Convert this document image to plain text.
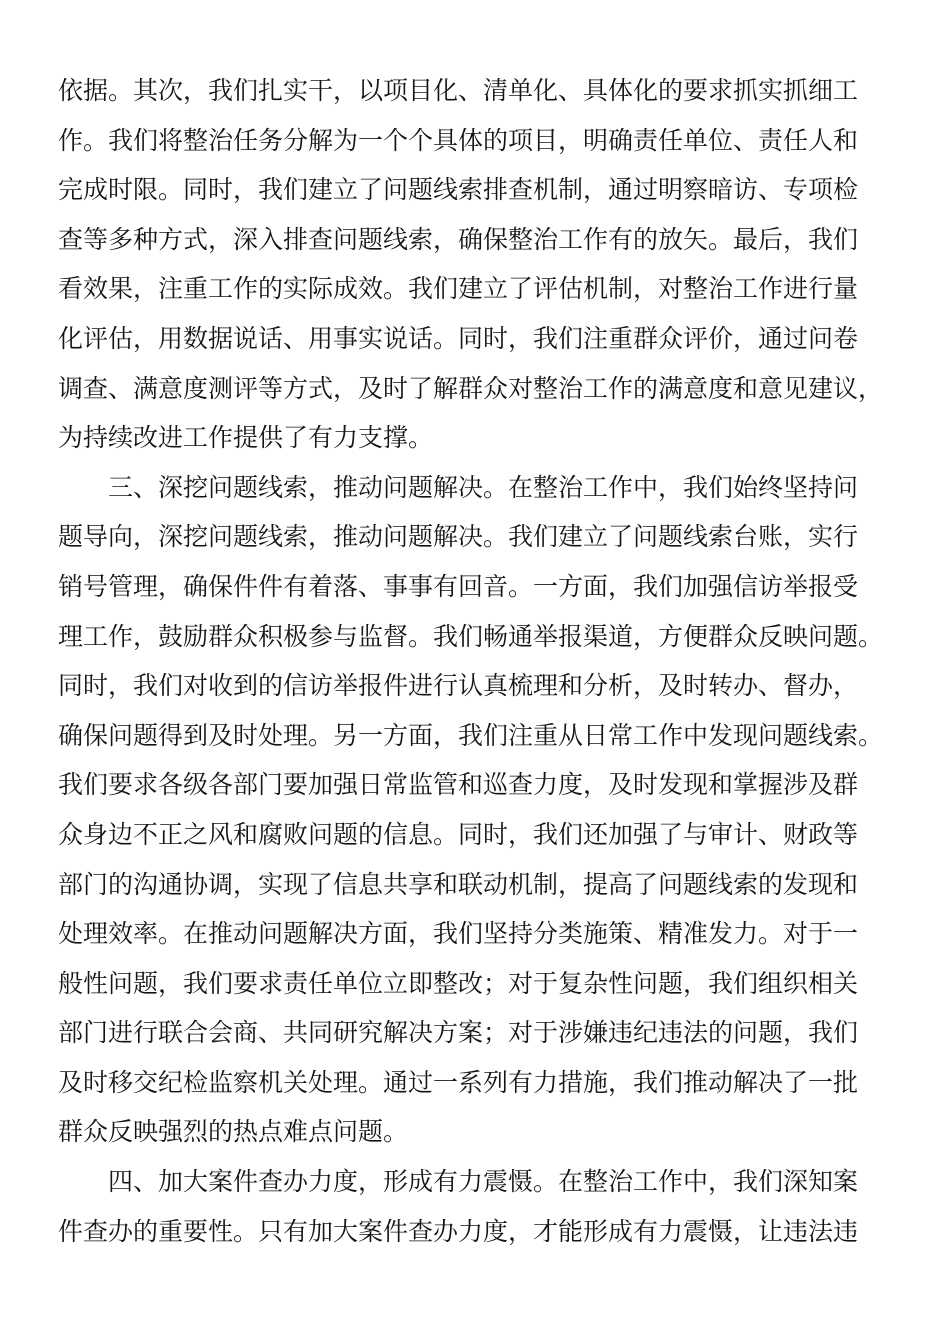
依据。其次，我们扎实干，以项目化、清单化、具体化的要求抓实抓细工
作。我们将整治任务分解为一个个具体的项目，明确责任单位、责任人和
完成时限。同时，我们建立了问题线索排查机制，通过明察暗访、专项检
查等多种方式，深入排查问题线索，确保整治工作有的放矢。最后，我们
看效果，注重工作的实际成效。我们建立了评估机制，对整治工作进行量
化评估，用数据说话、用事实说话。同时，我们注重群众评价，通过问卷
调查、满意度测评等方式，及时了解群众对整治工作的满意度和意见建议，
为持续改进工作提供了有力支撑。
三、深挖问题线索，推动问题解决。在整治工作中，我们始终坚持问
题导向，深挖问题线索，推动问题解决。我们建立了问题线索台账，实行
销号管理，确保件件有着落、事事有回音。一方面，我们加强信访举报受
理工作，鼓励群众积极参与监督。我们畅通举报渠道，方便群众反映问题。
同时，我们对收到的信访举报件进行认真梳理和分析，及时转办、督办，
确保问题得到及时处理。另一方面，我们注重从日常工作中发现问题线索。
我们要求各级各部门要加强日常监管和巡查力度，及时发现和掌握涉及群
众身边不正之风和腐败问题的信息。同时，我们还加强了与审计、财政等
部门的沟通协调，实现了信息共享和联动机制，提高了问题线索的发现和
处理效率。在推动问题解决方面，我们坚持分类施策、精准发力。对于一
般性问题，我们要求责任单位立即整改；对于复杂性问题，我们组织相关
部门进行联合会商、共同研究解决方案；对于涉嫌违纪违法的问题，我们
及时移交纪检监察机关处理。通过一系列有力措施，我们推动解决了一批
群众反映强烈的热点难点问题。
四、加大案件查办力度，形成有力震慑。在整治工作中，我们深知案
件查办的重要性。只有加大案件查办力度，才能形成有力震慑，让违法违
